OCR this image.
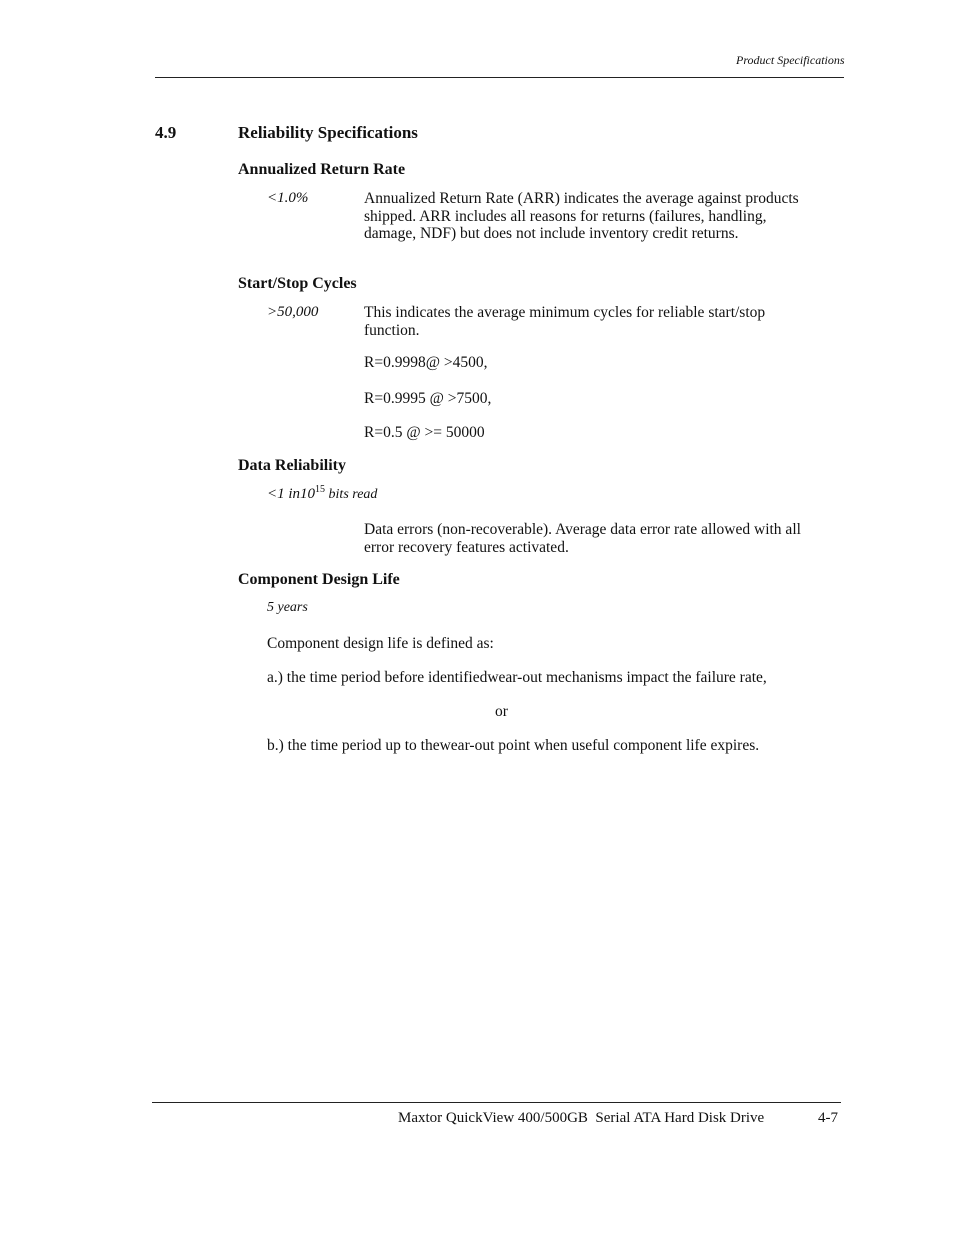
Product Specifications
4.9	Reliability Specifications
Annualized Return Rate
<1.0%	Annualized Return Rate (ARR) indicates the average against products shipped. ARR includes all reasons for returns (failures, handling, damage, NDF) but does not include inventory credit returns.
Start/Stop Cycles
>50,000	This indicates the average minimum cycles for reliable start/stop function.
R=0.9998@ >4500,
R=0.9995 @ >7500,
R=0.5 @ >= 50000
Data Reliability
<1 $in10^{15}$ bits read
Data errors (non-recoverable). Average data error rate allowed with all error recovery features activated.
Component Design Life
5 years
Component design life is defined as:
a.) the time period before identifiedwear-out mechanisms impact the failure rate,
or
b.) the time period up to thewear-out point when useful component life expires.
Maxtor QuickView 400/500GB  Serial ATA Hard Disk Drive	4-7
